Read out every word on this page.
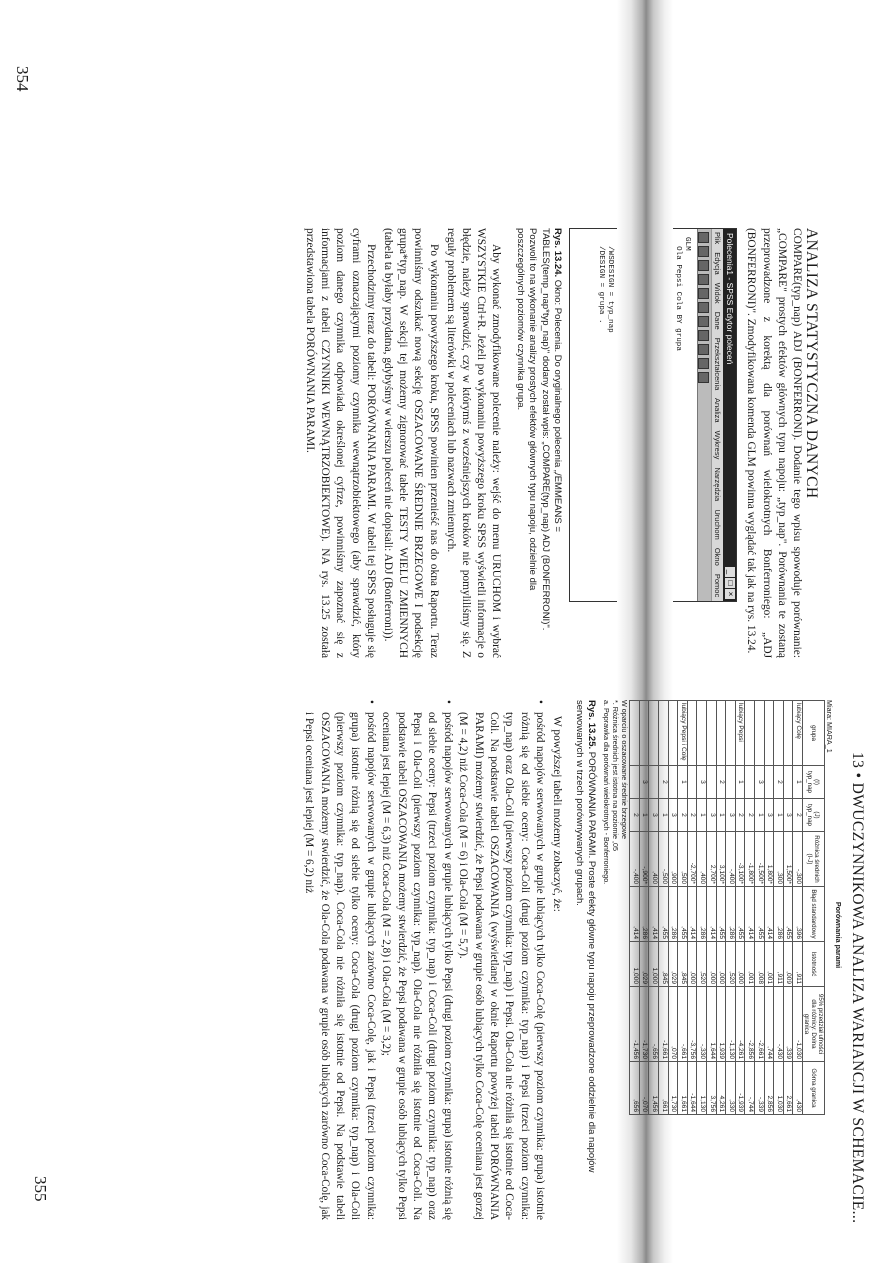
354
ANALIZA STATYSTYCZNA DANYCH

COMPARE(typ_nap) ADJ (BONFERRONI). Dodanie tego wpisu spowoduje porównanie: „COMPARE" prostych efektów głównych typu napoju: „typ_nap". Porównania te zostaną przeprowadzone z korektą dla porównań wielokrotnych Bonferroniego: „ADJ (BONFERRONI)". Zmodyfikowana komenda GLM powinna wyglądać tak jak na rys. 13.24.

Polecenia1 - SPSS Edytor poleceń
_
□
×
Plik Edycja Widok Dane Przekształcenia Analiza Wykresy Narzędzia Uruchom Okno Pomoc
GLM
Ola Pepsi Cola BY grupa

/WSDESIGN = typ_nap
/DESIGN = grupa .

Rys. 13.24. Okno: Polecenia. Do oryginalnego polecenia „/EMMEANS = TABLES(temp_nap*typ_nap)" dodany został wpis: „COMPARE(typ_nap) ADJ (BONFERRONI)". Pozwoli to na wykonanie analizy prostych efektów głównych typu napoju, odzielnie dla poszczególnych poziomów czynnika grupa.

Aby wykonać zmodyfikowane polecenie należy: wejść do menu URUCHOM i wybrać WSZYSTKIE Ctrl+R. Jeżeli po wykonaniu powyższego kroku SPSS wyświetli informacje o błędzie, należy sprawdzić, czy w którymś z wcześniejszych kroków nie pomyliliśmy się. Z reguły problemem są literówki w poleceniach lub nazwach zmiennych.

Po wykonaniu powyższego kroku, SPSS powinien przenieść nas do okna Raportu. Teraz powinniśmy odszukać nową sekcję OSZACOWANE ŚREDNIE BRZEGOWE I podsekcję grupa*typ_nap. W sekcji tej możemy zignorować tabele TESTY WIELU ZMIENNYCH (tabela ta byłaby przydatna, gdybyśmy w wierszu poleceń nie dopisali: ADJ (Bonferroni)).

Przechodzimy teraz do tabeli: PORÓWNANIA PARAMI. W tabeli tej SPSS posługuje się cyframi oznaczającymi poziomy czynnika wewnątrzobiektowego (aby sprawdzić, który poziom danego czynnika odpowiada określonej cyfrze, powinniśmy zapoznać się z informacjami z tabeli CZYNNIKI WEWNĄTRZOBIEKTOWE). NA rys. 13.25 została przedstawiona tabela PORÓWNANIA PARAMI.

13 • DWUCZYNNIKOWA ANALIZA WARIANCJI W SCHEMACIE...
355
Porównania parami
Miara: MIARA_1
grupa	(I) typ_nap	(J) typ_nap	Różnica średnich (I-J)	Błąd standardowy	Istotność	95% przedział ufności dla różnicy: Dolna granica	Górna granica
lubiący Colę	1	2	-,300	,396	,911	-1,030	,430
		3	1,500*	,455	,009	,339	2,661
	2	1	,300	,286	,911	-,430	1,030
		3	1,800*	,414	,001	,744	2,856
	3	1	-1,500*	,455	,008	-2,661	-,339
		2	-1,800*	,414	,001	-2,856	-,744
lubiący Pepsi	1	2	-3,100*	,455	,000	-4,261	-1,939
		3	-,400	,286	,520	-1,130	,330
	2	1	3,100*	,455	,000	1,939	4,261
		3	2,700*	,414	,000	1,644	3,756
	3	1	,400	,286	,520	-,330	1,130
		2	-2,700*	,414	,000	-3,756	-1,644
lubiący Pepsi i Colę	1	2	,500	,455	,845	-,661	1,661
		3	,900	,286	,029	,070	1,730
	2	1	-,500	,455	,845	-1,661	,661
		3	,400	,414	1,000	-,656	1,456
	3	1	-,900*	,286	,029	-1,730	-,070
		2	-,400	,414	1,000	-1,456	,656
W oparciu o oszacowane średnie brzegowe
*. Różnica średnich jest istotna na poziomie ,05
a. Poprawka dla porównań wielokrotnych - Bonferroniego.

Rys. 13.25. PORÓWNANIA PARAMI. Proste efekty główne typu napoju przeprowadzone oddzielnie dla napojów serwowanych w trzech porównywanych grupach.

W powyższej tabeli możemy zobaczyć, że:

• pośród napojów serwowanych w grupie lubiących tylko Coca-Colę (pierwszy poziom czynnika: grupa) istotnie różnią się od siebie oceny: Coca-Coli (drugi poziom czynnika: typ_nap) i Pepsi (trzeci poziom czynnika: typ_nap) oraz Ola-Coli (pierwszy poziom czynnika: typ_nap) i Pepsi. Ola-Cola nie różniła się istotnie od Coca-Coli. Na podstawie tabeli OSZACOWANIA (wyświetlanej w oknie Raportu powyżej tabeli PORÓWNANIA PARAMI) możemy stwierdzić, że Pepsi podawana w grupie osób lubiących tylko Coca-Colę oceniana jest gorzej (M = 4,2) niż Coca-Cola (M = 6) i Ola-Cola (M = 5,7).

• pośród napojów serwowanych w grupie lubiących tylko Pepsi (drugi poziom czynnika: grupa) istotnie różnią się od siebie oceny: Pepsi (trzeci poziom czynnika: typ_nap) i Coca-Coli (drugi poziom czynnika: typ_nap) oraz Pepsi i Ola-Coli (pierwszy poziom czynnika: typ_nap). Ola-Cola nie różniła się istotnie od Coca-Coli. Na podstawie tabeli OSZACOWANIA możemy stwierdzić, że Pepsi podawana w grupie osób lubiących tylko Pepsi oceniana jest lepiej (M = 6,3) niż Coca-Cola (M = 2,8) i Ola-Cola (M = 3,2);

• pośród napojów serwowanych w grupie lubiących zarówno Coca-Colę, jak i Pepsi (trzeci poziom czynnika: grupa) istotnie różnią się od siebie tylko oceny: Coca-Cola (drugi poziom czynnika: typ_nap) i Ola-Coli (pierwszy poziom czynnika: typ_nap). Coca-Cola nie różniła się istotnie od Pepsi. Na podstawie tabeli OSZACOWANIA możemy stwierdzić, że Ola-Cola podawana w grupie osób lubiących zarówno Coca-Colę, jak i Pepsi oceniana jest lepiej (M = 6,2) niż
